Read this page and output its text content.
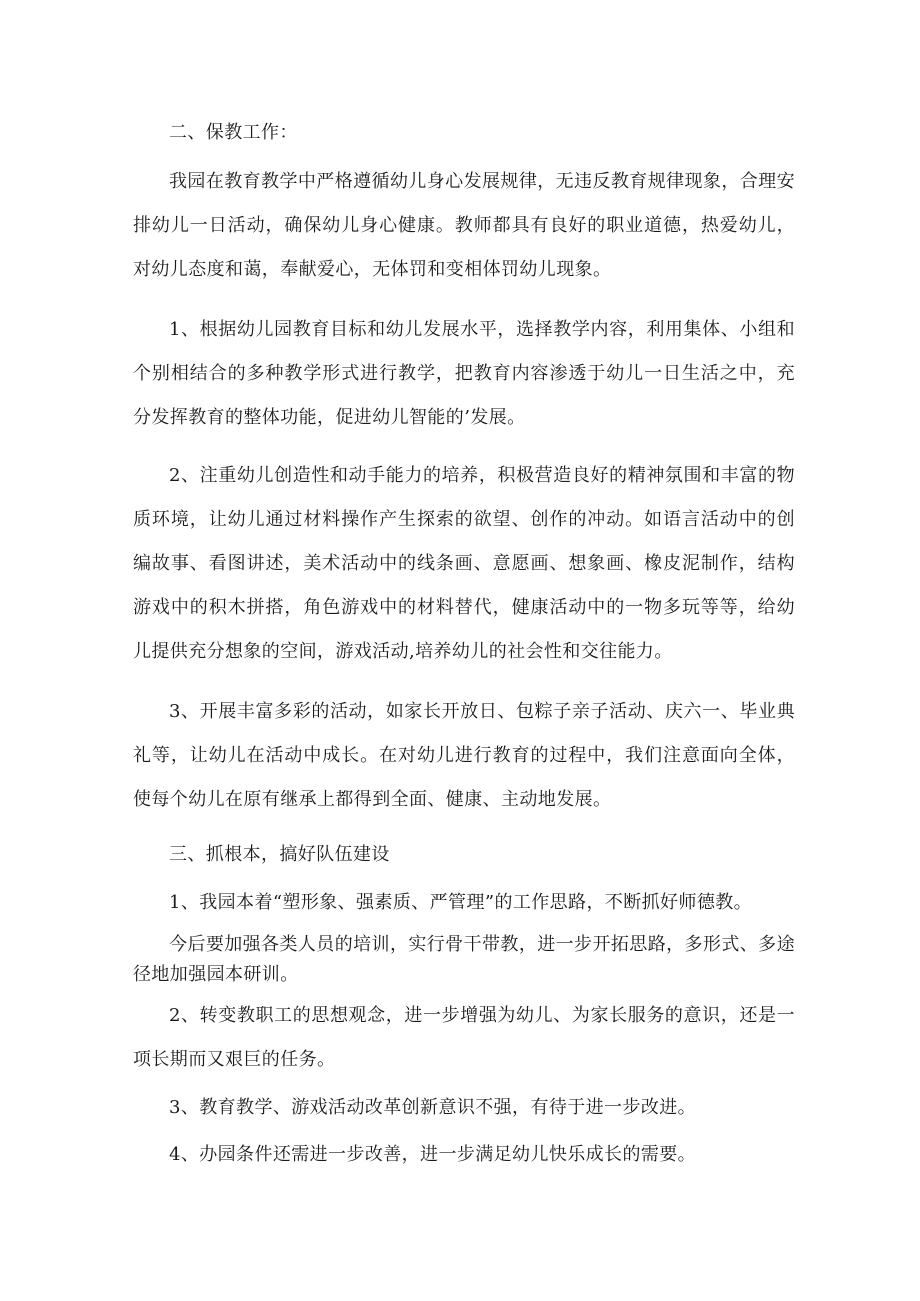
二、保教工作：

我园在教育教学中严格遵循幼儿身心发展规律，无违反教育规律现象，合理安排幼儿一日活动，确保幼儿身心健康。教师都具有良好的职业道德，热爱幼儿，对幼儿态度和蔼，奉献爱心，无体罚和变相体罚幼儿现象。

1、根据幼儿园教育目标和幼儿发展水平，选择教学内容，利用集体、小组和个别相结合的多种教学形式进行教学，把教育内容渗透于幼儿一日生活之中，充分发挥教育的整体功能，促进幼儿智能的’发展。

2、注重幼儿创造性和动手能力的培养，积极营造良好的精神氛围和丰富的物质环境，让幼儿通过材料操作产生探索的欲望、创作的冲动。如语言活动中的创编故事、看图讲述，美术活动中的线条画、意愿画、想象画、橡皮泥制作，结构游戏中的积木拼搭，角色游戏中的材料替代，健康活动中的一物多玩等等，给幼儿提供充分想象的空间，游戏活动,培养幼儿的社会性和交往能力。

3、开展丰富多彩的活动，如家长开放日、包粽子亲子活动、庆六一、毕业典礼等，让幼儿在活动中成长。在对幼儿进行教育的过程中，我们注意面向全体，使每个幼儿在原有继承上都得到全面、健康、主动地发展。

三、抓根本，搞好队伍建设

1、我园本着“塑形象、强素质、严管理”的工作思路，不断抓好师德教。

今后要加强各类人员的培训，实行骨干带教，进一步开拓思路，多形式、多途径地加强园本研训。

2、转变教职工的思想观念，进一步增强为幼儿、为家长服务的意识，还是一项长期而又艰巨的任务。

3、教育教学、游戏活动改革创新意识不强，有待于进一步改进。

4、办园条件还需进一步改善，进一步满足幼儿快乐成长的需要。
